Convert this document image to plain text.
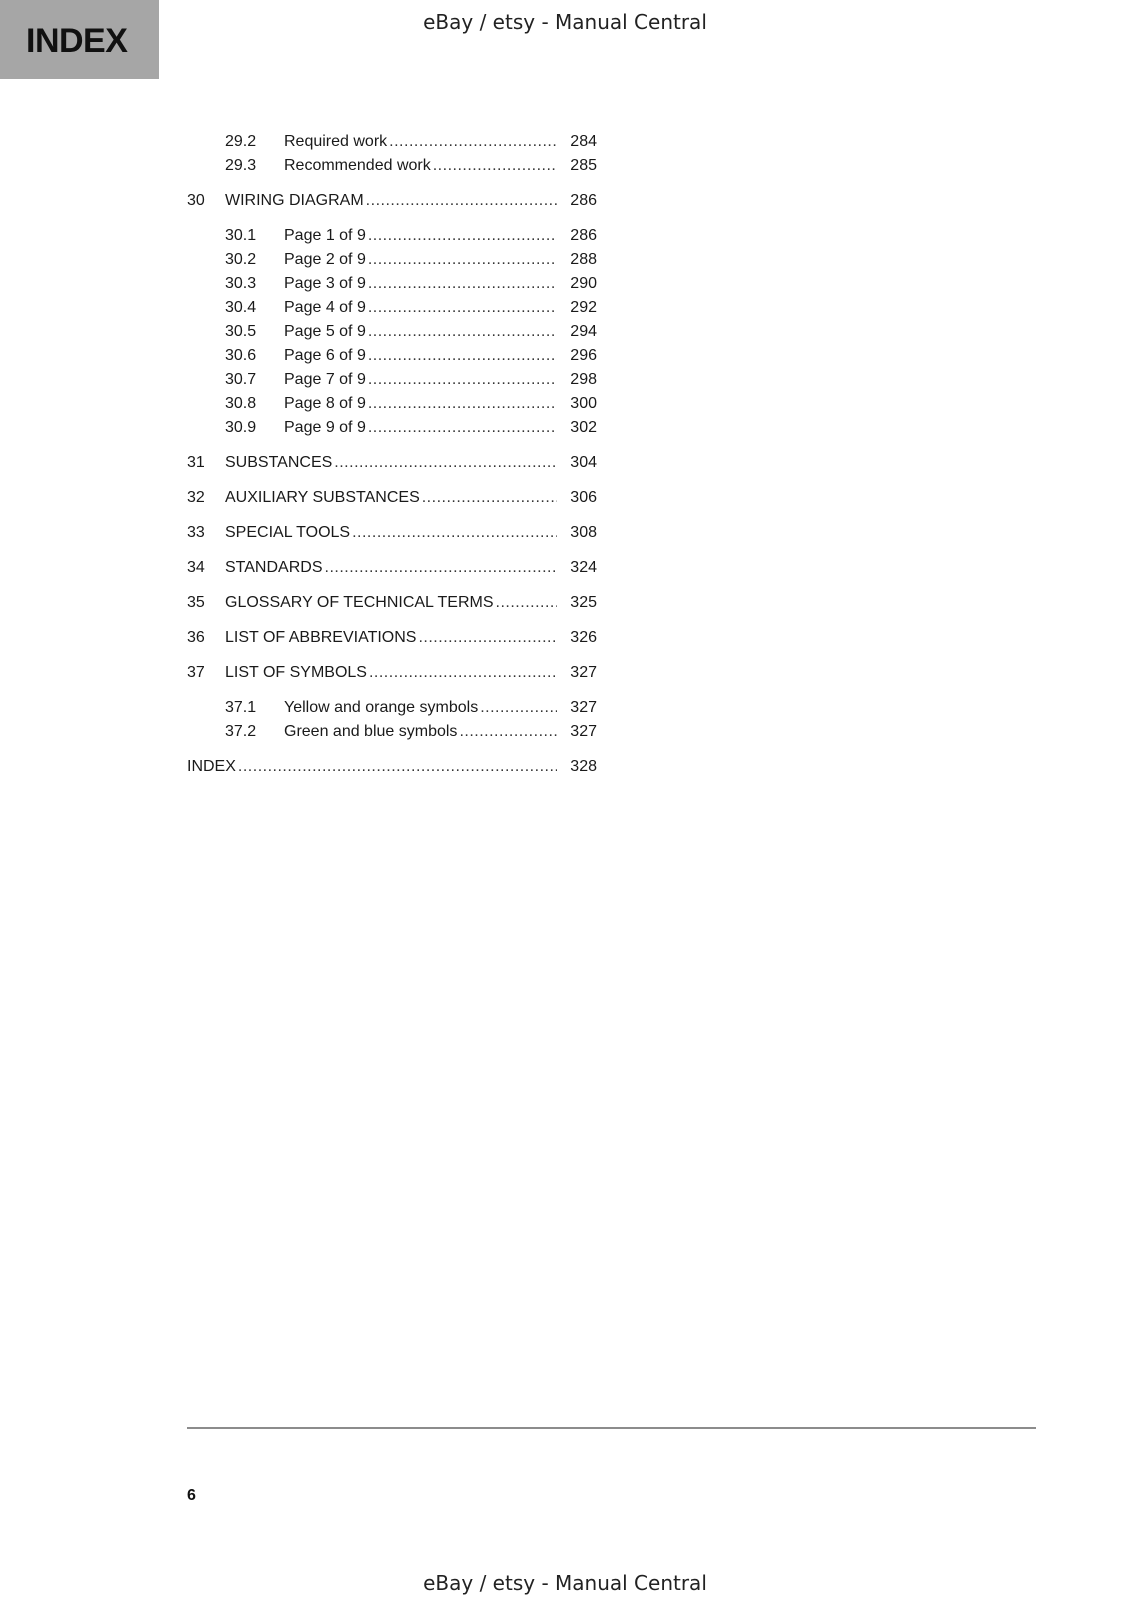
INDEX	eBay / etsy - Manual Central
29.2	Required work .....	284
29.3	Recommended work .....	285
30	WIRING DIAGRAM .....	286
30.1	Page 1 of 9 .....	286
30.2	Page 2 of 9 .....	288
30.3	Page 3 of 9 .....	290
30.4	Page 4 of 9 .....	292
30.5	Page 5 of 9 .....	294
30.6	Page 6 of 9 .....	296
30.7	Page 7 of 9 .....	298
30.8	Page 8 of 9 .....	300
30.9	Page 9 of 9 .....	302
31	SUBSTANCES .....	304
32	AUXILIARY SUBSTANCES .....	306
33	SPECIAL TOOLS .....	308
34	STANDARDS .....	324
35	GLOSSARY OF TECHNICAL TERMS .....	325
36	LIST OF ABBREVIATIONS .....	326
37	LIST OF SYMBOLS .....	327
37.1	Yellow and orange symbols .....	327
37.2	Green and blue symbols .....	327
INDEX .....	328
6
eBay / etsy - Manual Central
